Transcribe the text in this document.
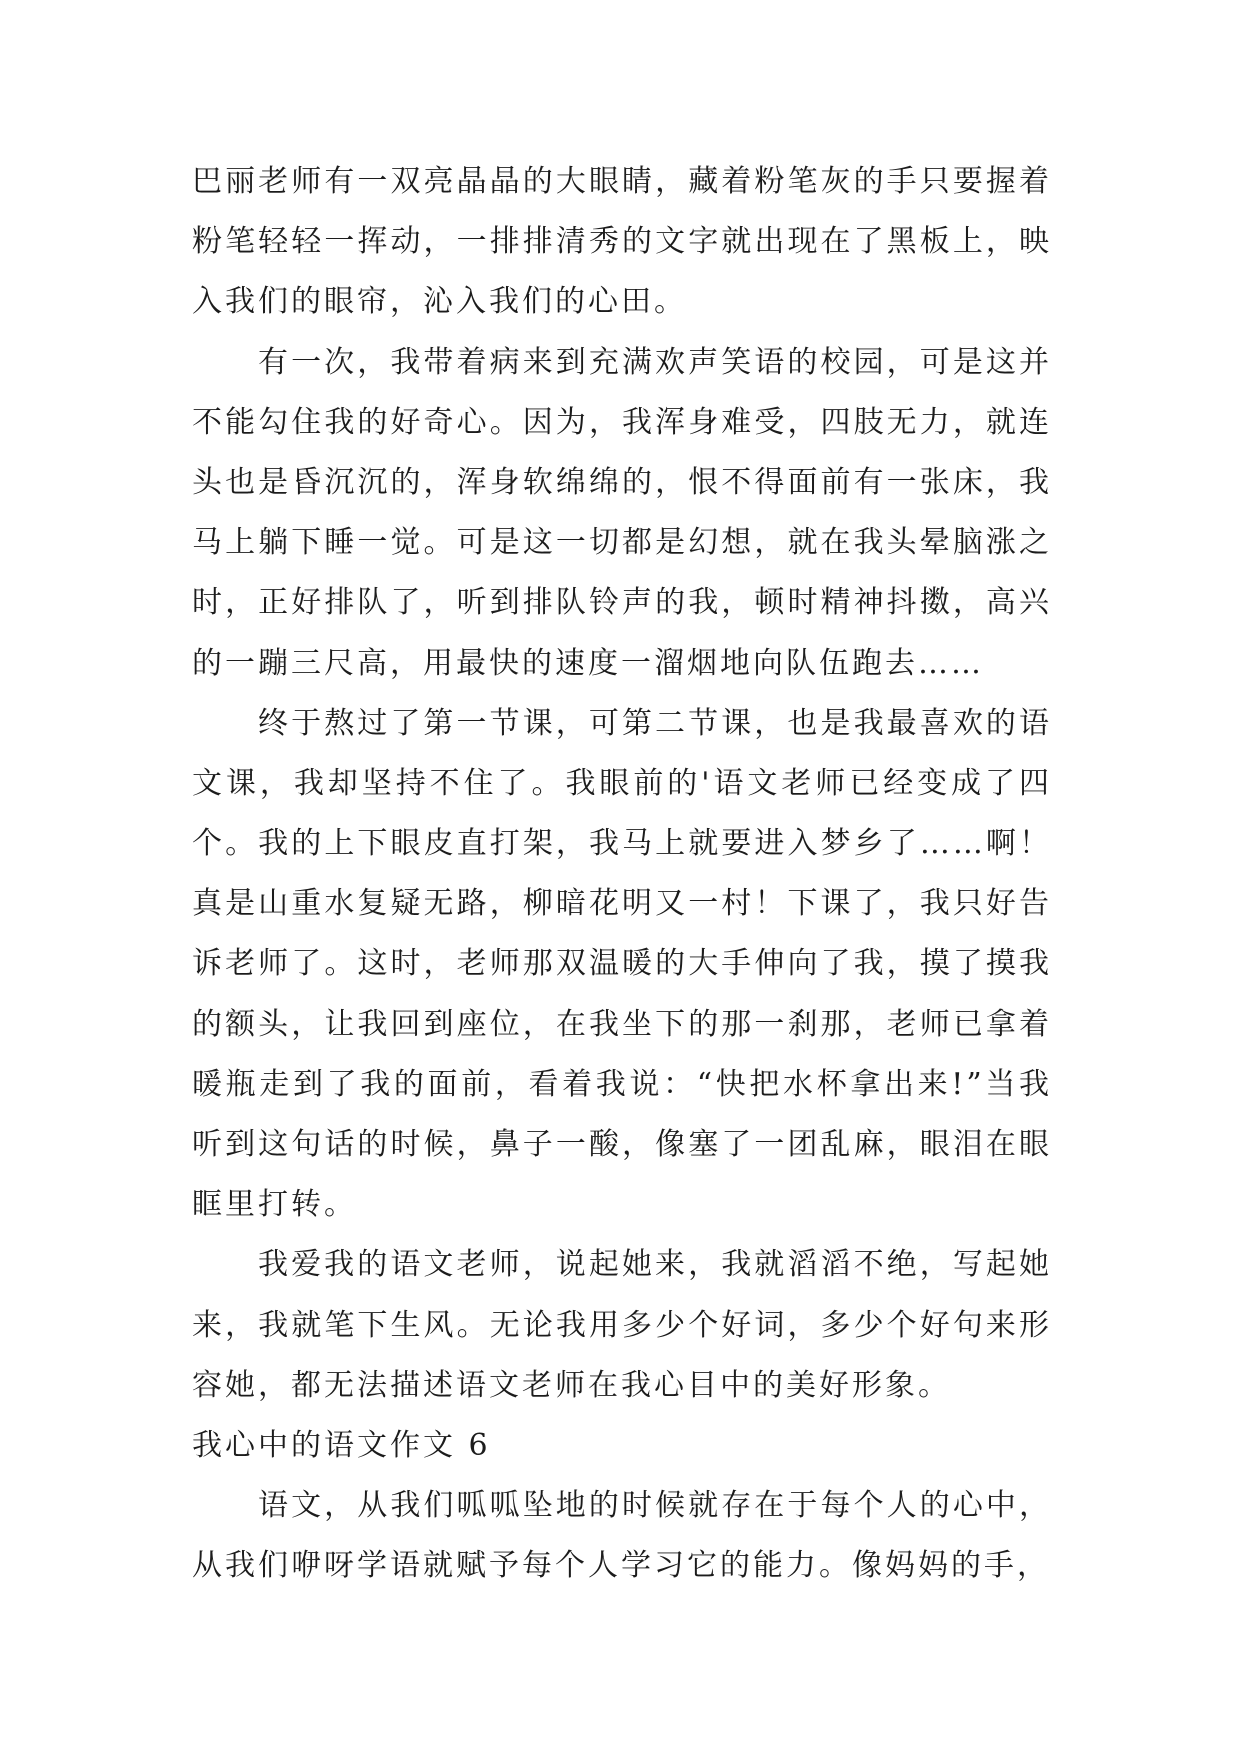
巴丽老师有一双亮晶晶的大眼睛，藏着粉笔灰的手只要握着
粉笔轻轻一挥动，一排排清秀的文字就出现在了黑板上，映
入我们的眼帘，沁入我们的心田。
有一次，我带着病来到充满欢声笑语的校园，可是这并
不能勾住我的好奇心。因为，我浑身难受，四肢无力，就连
头也是昏沉沉的，浑身软绵绵的，恨不得面前有一张床，我
马上躺下睡一觉。可是这一切都是幻想，就在我头晕脑涨之
时，正好排队了，听到排队铃声的我，顿时精神抖擞，高兴
的一蹦三尺高，用最快的速度一溜烟地向队伍跑去……
终于熬过了第一节课，可第二节课，也是我最喜欢的语
文课，我却坚持不住了。我眼前的'语文老师已经变成了四
个。我的上下眼皮直打架，我马上就要进入梦乡了……啊！
真是山重水复疑无路，柳暗花明又一村！下课了，我只好告
诉老师了。这时，老师那双温暖的大手伸向了我，摸了摸我
的额头，让我回到座位，在我坐下的那一刹那，老师已拿着
暖瓶走到了我的面前，看着我说：“快把水杯拿出来!”当我
听到这句话的时候，鼻子一酸，像塞了一团乱麻，眼泪在眼
眶里打转。
我爱我的语文老师，说起她来，我就滔滔不绝，写起她
来，我就笔下生风。无论我用多少个好词，多少个好句来形
容她，都无法描述语文老师在我心目中的美好形象。
我心中的语文作文 6
语文，从我们呱呱坠地的时候就存在于每个人的心中，
从我们咿呀学语就赋予每个人学习它的能力。像妈妈的手，
